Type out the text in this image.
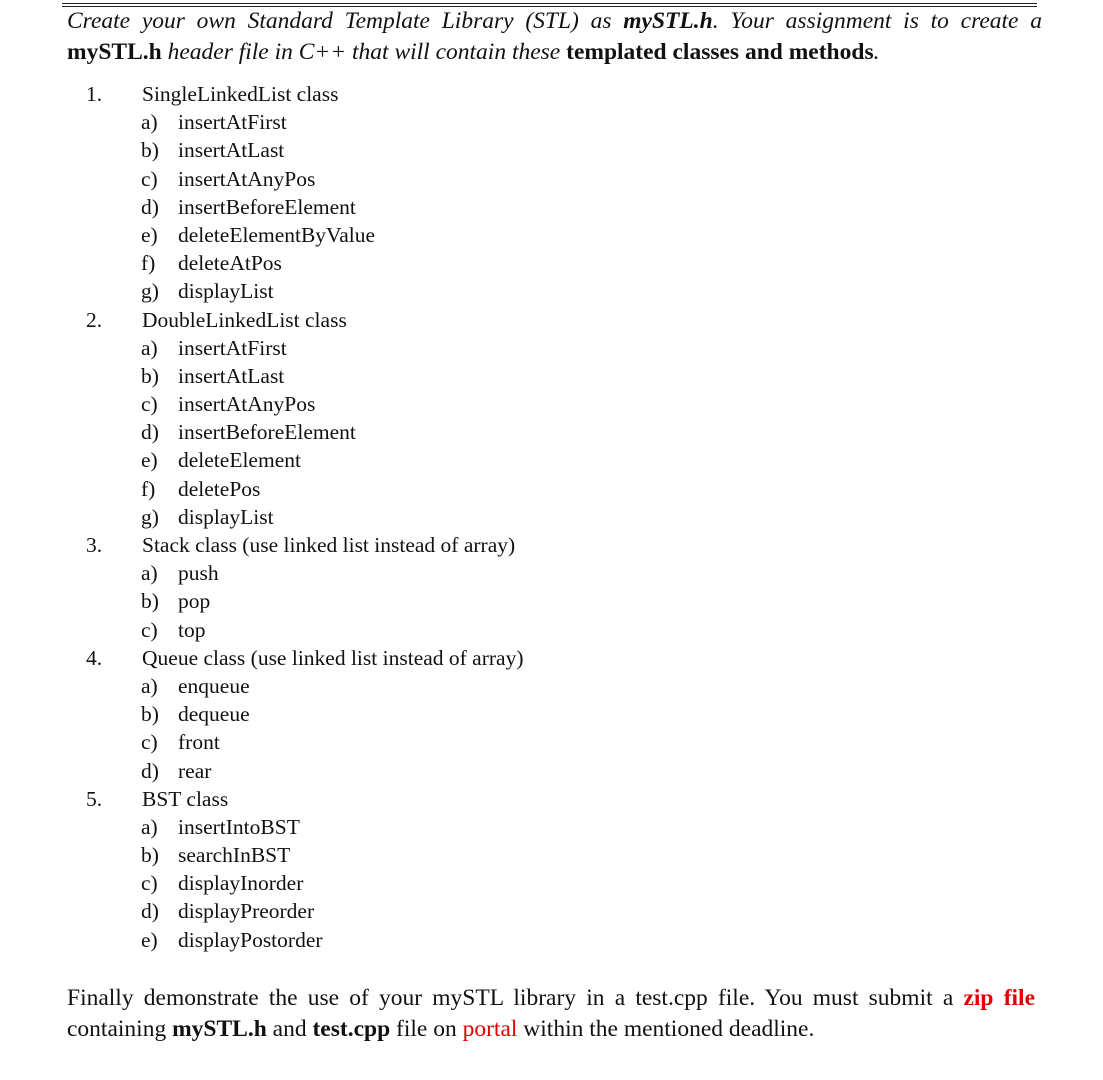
Create your own Standard Template Library (STL) as mySTL.h. Your assignment is to create a mySTL.h header file in C++ that will contain these templated classes and methods.
1.	SingleLinkedList class
a) insertAtFirst
b) insertAtLast
c) insertAtAnyPos
d) insertBeforeElement
e) deleteElementByValue
f) deleteAtPos
g) displayList
2.	DoubleLinkedList class
a) insertAtFirst
b) insertAtLast
c) insertAtAnyPos
d) insertBeforeElement
e) deleteElement
f) deletePos
g) displayList
3.	Stack class (use linked list instead of array)
a) push
b) pop
c) top
4.	Queue class (use linked list instead of array)
a) enqueue
b) dequeue
c) front
d) rear
5.	BST class
a) insertIntoBST
b) searchInBST
c) displayInorder
d) displayPreorder
e) displayPostorder
Finally demonstrate the use of your mySTL library in a test.cpp file. You must submit a zip file containing mySTL.h and test.cpp file on portal within the mentioned deadline.
